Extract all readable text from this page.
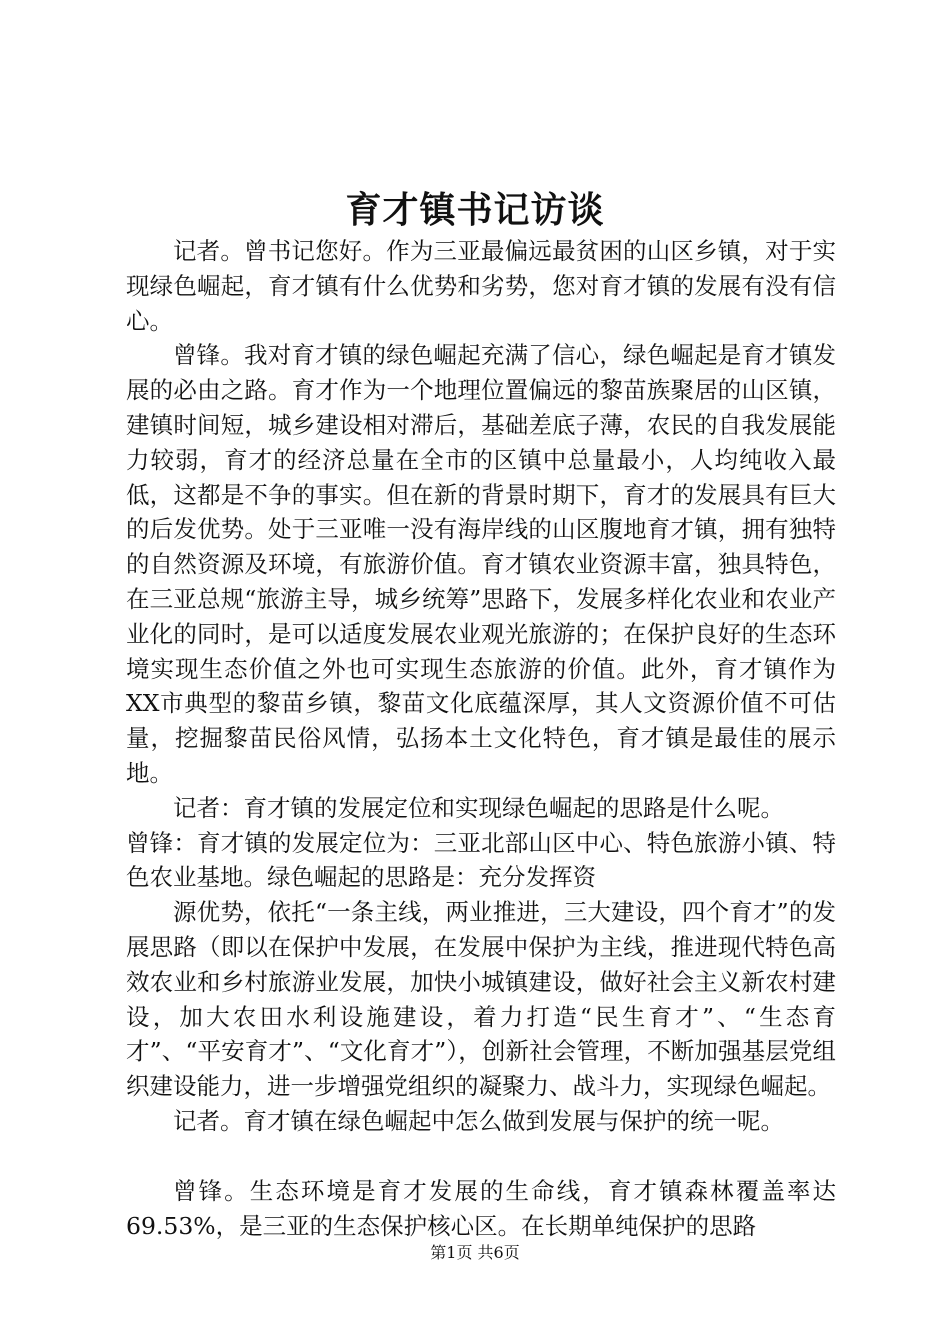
育才镇书记访谈

记者。曾书记您好。作为三亚最偏远最贫困的山区乡镇，对于实现绿色崛起，育才镇有什么优势和劣势，您对育才镇的发展有没有信心。

曾锋。我对育才镇的绿色崛起充满了信心，绿色崛起是育才镇发展的必由之路。育才作为一个地理位置偏远的黎苗族聚居的山区镇，建镇时间短，城乡建设相对滞后，基础差底子薄，农民的自我发展能力较弱，育才的经济总量在全市的区镇中总量最小，人均纯收入最低，这都是不争的事实。但在新的背景时期下，育才的发展具有巨大的后发优势。处于三亚唯一没有海岸线的山区腹地育才镇，拥有独特的自然资源及环境，有旅游价值。育才镇农业资源丰富，独具特色，在三亚总规“旅游主导，城乡统筹”思路下，发展多样化农业和农业产业化的同时，是可以适度发展农业观光旅游的；在保护良好的生态环境实现生态价值之外也可实现生态旅游的价值。此外，育才镇作为XX市典型的黎苗乡镇，黎苗文化底蕴深厚，其人文资源价值不可估量，挖掘黎苗民俗风情，弘扬本土文化特色，育才镇是最佳的展示地。

记者：育才镇的发展定位和实现绿色崛起的思路是什么呢。

曾锋：育才镇的发展定位为：三亚北部山区中心、特色旅游小镇、特色农业基地。绿色崛起的思路是：充分发挥资

源优势，依托“一条主线，两业推进，三大建设，四个育才”的发展思路（即以在保护中发展，在发展中保护为主线，推进现代特色高效农业和乡村旅游业发展，加快小城镇建设，做好社会主义新农村建设，加大农田水利设施建设，着力打造“民生育才”、“生态育才”、“平安育才”、“文化育才”），创新社会管理，不断加强基层党组织建设能力，进一步增强党组织的凝聚力、战斗力，实现绿色崛起。

记者。育才镇在绿色崛起中怎么做到发展与保护的统一呢。

曾锋。生态环境是育才发展的生命线，育才镇森林覆盖率达69.53%，是三亚的生态保护核心区。在长期单纯保护的思路

第1页 共6页
